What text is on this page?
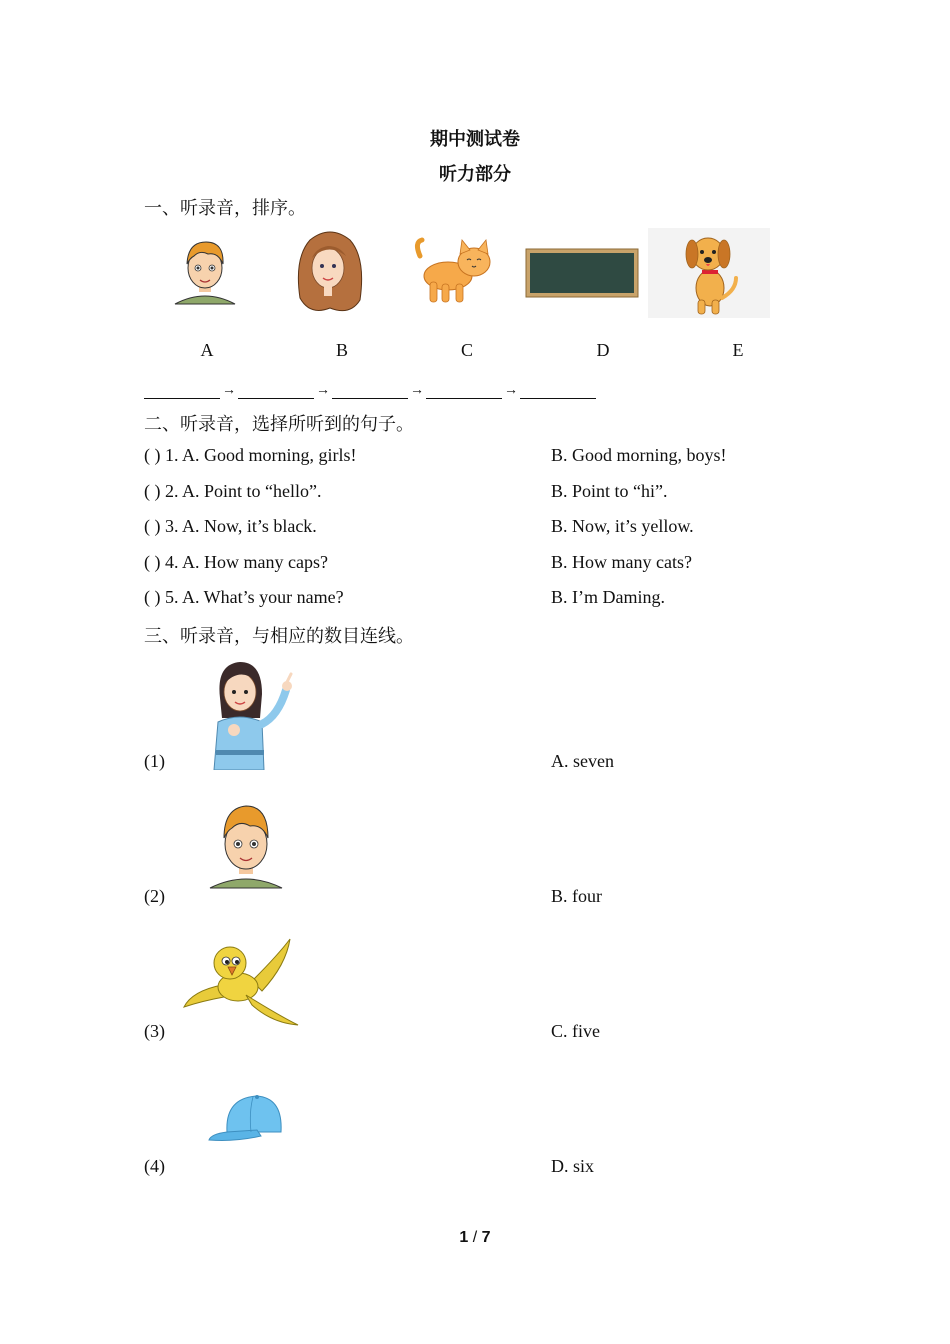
期中测试卷
听力部分
一、听录音，排序。
A	B	C	D	E
→	→	→	→
二、听录音，选择所听到的句子。
( ) 1. A. Good morning, girls!	B. Good morning, boys!
( ) 2. A. Point to “hello”.	B. Point to “hi”.
( ) 3. A. Now, it’s black.	B. Now, it’s yellow.
( ) 4. A. How many caps?	B. How many cats?
( ) 5. A. What’s your name?	B. I’m Daming.
三、听录音，与相应的数目连线。
(1)	A. seven
(2)	B. four
(3)	C. five
(4)	D. six
1 / 7
